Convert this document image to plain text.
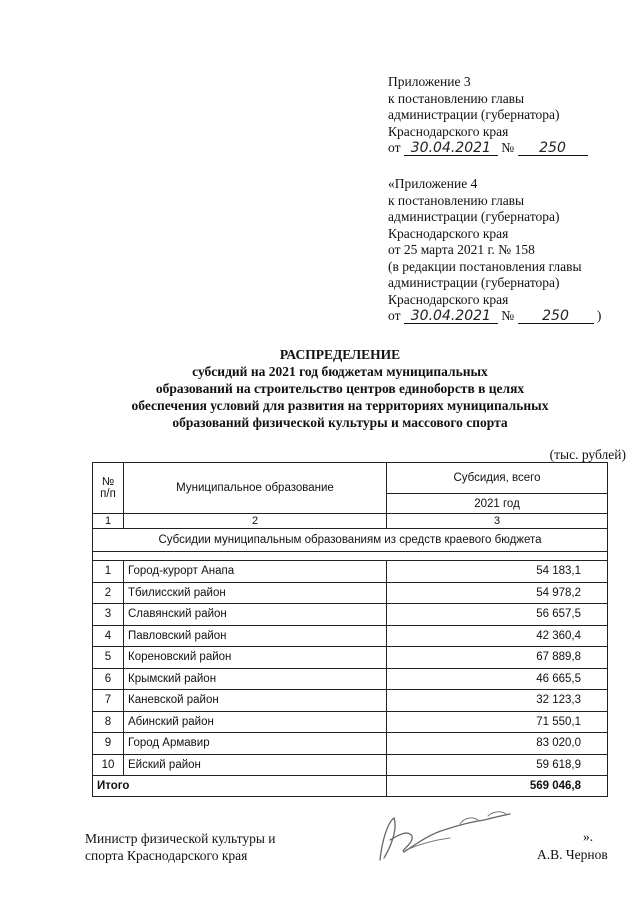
Приложение 3
к постановлению главы
администрации (губернатора)
Краснодарского края
от 30.04.2021 № 250
«Приложение 4
к постановлению главы
администрации (губернатора)
Краснодарского края
от 25 марта 2021 г. № 158
(в редакции постановления главы
администрации (губернатора)
Краснодарского края
от 30.04.2021 № 250 )
РАСПРЕДЕЛЕНИЕ
субсидий на 2021 год бюджетам муниципальных
образований на строительство центров единоборств в целях
обеспечения условий для развития на территориях муниципальных
образований физической культуры и массового спорта
(тыс. рублей)
№ п/п	Муниципальное образование	Субсидия, всего
		2021 год
1	2	3
Субсидии муниципальным образованиям из средств краевого бюджета		

1	Город-курорт Анапа	54 183,1
2	Тбилисский район	54 978,2
3	Славянский район	56 657,5
4	Павловский район	42 360,4
5	Кореновский район	67 889,8
6	Крымский район	46 665,5
7	Каневской район	32 123,3
8	Абинский район	71 550,1
9	Город Армавир	83 020,0
10	Ейский район	59 618,9
Итого		569 046,8
».
Министр физической культуры и
спорта Краснодарского края	А.В. Чернов
